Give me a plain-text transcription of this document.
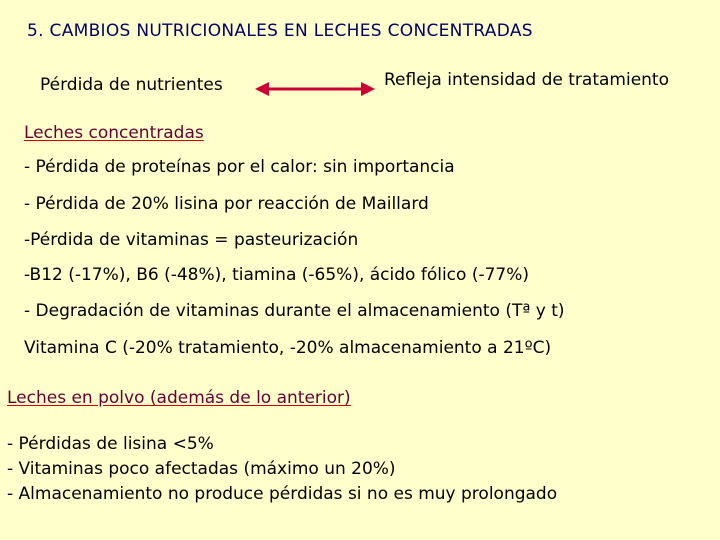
5. CAMBIOS NUTRICIONALES EN LECHES CONCENTRADAS
Pérdida de nutrientes	Refleja intensidad de tratamiento
Leches concentradas
- Pérdida de proteínas por el calor: sin importancia
- Pérdida de 20% lisina por reacción de Maillard
-Pérdida de vitaminas = pasteurización
-B12 (-17%), B6 (-48%), tiamina (-65%), ácido fólico (-77%)
- Degradación de vitaminas durante el almacenamiento (Tª y t)
Vitamina C (-20% tratamiento, -20% almacenamiento a 21ºC)
Leches en polvo (además de lo anterior)
- Pérdidas de lisina <5%
- Vitaminas poco afectadas (máximo un 20%)
- Almacenamiento no produce pérdidas si no es muy prolongado
